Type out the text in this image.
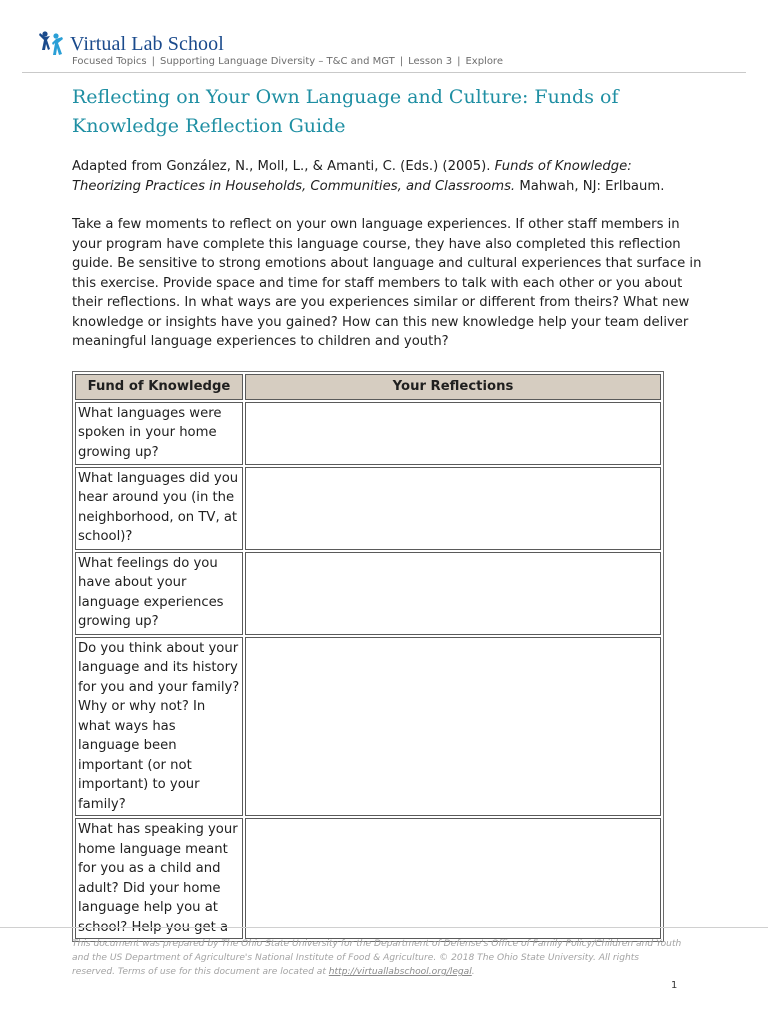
Virtual Lab School
Focused Topics | Supporting Language Diversity – T&C and MGT | Lesson 3 | Explore
Reflecting on Your Own Language and Culture: Funds of
Knowledge Reflection Guide
Adapted from González, N., Moll, L., & Amanti, C. (Eds.) (2005). Funds of Knowledge: Theorizing Practices in Households, Communities, and Classrooms. Mahwah, NJ: Erlbaum.
Take a few moments to reflect on your own language experiences. If other staff members in your program have complete this language course, they have also completed this reflection guide. Be sensitive to strong emotions about language and cultural experiences that surface in this exercise. Provide space and time for staff members to talk with each other or you about their reflections. In what ways are you experiences similar or different from theirs? What new knowledge or insights have you gained? How can this new knowledge help your team deliver meaningful language experiences to children and youth?
Fund of Knowledge	Your Reflections
What languages were spoken in your home growing up?	
What languages did you hear around you (in the neighborhood, on TV, at school)?	
What feelings do you have about your language experiences growing up?	
Do you think about your language and its history for you and your family? Why or why not? In what ways has language been important (or not important) to your family?	
What has speaking your home language meant for you as a child and adult? Did your home language help you at school? Help you get a	
This document was prepared by The Ohio State University for the Department of Defense's Office of Family Policy/Children and Youth and the US Department of Agriculture's National Institute of Food & Agriculture. © 2018 The Ohio State University. All rights reserved. Terms of use for this document are located at http://virtuallabschool.org/legal.
1
